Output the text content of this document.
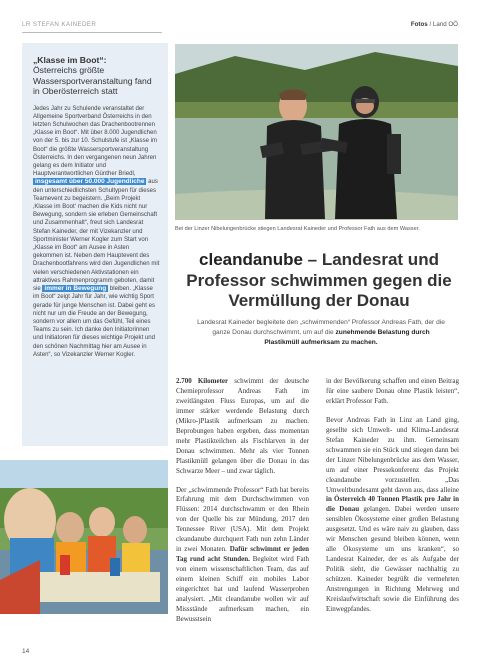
LR STEFAN KAINEDER	Fotos / Land OÖ
„Klasse im Boot“:
Österreichs größte Wassersportveranstaltung fand in Oberösterreich statt
Jedes Jahr zu Schulende veranstaltet der Allgemeine Sportverband Österreichs in den letzten Schulwochen das Drachenbootrennen „Klasse im Boot“. Mit über 8.000 Jugendlichen von der 5. bis zur 10. Schulstufe ist „Klasse im Boot“ die größte Wassersportveranstaltung Österreichs. In den vergangenen neun Jahren gelang es dem Initiator und Hauptverantwortlichen Günther Briedl, insgesamt über 50.000 Jugendliche aus den unterschiedlichsten Schultypen für dieses Teamevent zu begeistern. „Beim Projekt ‚Klasse im Boot‘ machen die Kids nicht nur Bewegung, sondern sie erleben Gemeinschaft und Zusammenhalt“, freut sich Landesrat Stefan Kaineder, der mit Vizekanzler und Sportminister Werner Kogler zum Start von „Klasse im Boot“ am Ausee in Asten gekommen ist. Neben dem Hauptevent des Drachenbootfahrens wird den Jugendlichen mit vielen verschiedenen Aktivstationen ein attraktives Rahmenprogramm geboten, damit sie immer in Bewegung bleiben. „Klasse im Boot“ zeigt Jahr für Jahr, wie wichtig Sport gerade für junge Menschen ist. Dabei geht es nicht nur um die Freude an der Bewegung, sondern vor allem um das Gefühl, Teil eines Teams zu sein. Ich danke den Initiatorinnen und Initiatoren für dieses wichtige Projekt und den schönen Nachmittag hier am Ausee in Asten“, so Vizekanzler Werner Kogler.
Bei der Linzer Nibelungenbrücke stiegen Landesrat Kaineder und Professor Fath aus dem Wasser.
cleandanube – Landesrat und Professor schwimmen gegen die Vermüllung der Donau
Landesrat Kaineder begleitete den „schwimmenden“ Professor Andreas Fath, der die ganze Donau durchschwimmt, um auf die zunehmende Belastung durch Plastikmüll aufmerksam zu machen.

2.700 Kilometer schwimmt der deutsche Chemieprofessor Andreas Fath im zweitlängsten Fluss Europas, um auf die immer stärker werdende Belastung durch (Mikro-)Plastik aufmerksam zu machen. Beprobungen haben ergeben, dass momentan mehr Plastikteilchen als Fischlarven in der Donau schwimmen. Mehr als vier Tonnen Plastikmüll gelangen über die Donau in das Schwarze Meer – und zwar täglich.

Der „schwimmende Professor“ Fath hat bereits Erfahrung mit dem Durchschwimmen von Flüssen: 2014 durchschwamm er den Rhein von der Quelle bis zur Mündung, 2017 den Tennessee River (USA). Mit dem Projekt cleandanube durchquert Fath nun zehn Länder in zwei Monaten. Dafür schwimmt er jeden Tag rund acht Stunden. Begleitet wird Fath von einem wissenschaftlichen Team, das auf einem kleinen Schiff ein mobiles Labor eingerichtet hat und laufend Wasserproben analysiert. „Mit cleandanube wollen wir auf Missstände aufmerksam machen, ein Bewusstsein

in der Bevölkerung schaffen und einen Beitrag für eine saubere Donau ohne Plastik leisten“, erklärt Professor Fath.

Bevor Andreas Fath in Linz an Land ging, gesellte sich Umwelt- und Klima-Landesrat Stefan Kaineder zu ihm. Gemeinsam schwammen sie ein Stück und stiegen dann bei der Linzer Nibelungenbrücke aus dem Wasser, um auf einer Pressekonferenz das Projekt cleandanube vorzustellen. „Das Umweltbundesamt geht davon aus, dass alleine in Österreich 40 Tonnen Plastik pro Jahr in die Donau gelangen. Dabei werden unsere sensiblen Ökosysteme einer großen Belastung ausgesetzt. Und es wäre naiv zu glauben, dass wir Menschen gesund bleiben können, wenn alle Ökosysteme um uns kranken“, so Landesrat Kaineder, der es als Aufgabe der Politik sieht, die Gewässer nachhaltig zu schützen. Kaineder begrüßt die vermehrten Anstrengungen in Richtung Mehrweg und Kreislaufwirtschaft sowie die Einführung des Einwegpfandes.

14
